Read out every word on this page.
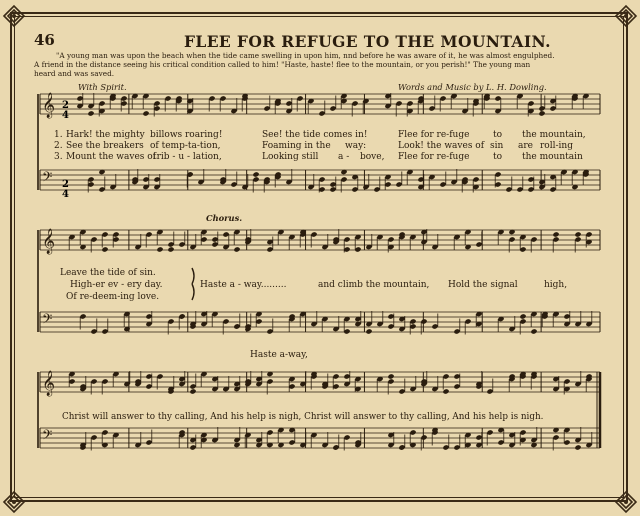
46	FLEE FOR REFUGE TO THE MOUNTAIN.

"A young man was upon the beach when the tide came swelling in upon him, nnd before he was aware of it, he was almost engulphed.

A friend in the distance seeing his critical condition called to him! "Haste, haste! flee to the mountain, or you perish!" The young man

heard and was saved.

With Spirit.	Words and Music by L. H. Dowling.
𝄞
𝄢
𝄞
𝄢
𝄞
𝄢
2
4
2
4
Chorus.
1. Hark! the mighty billows roaring!	See! the tide comes in!	Flee for re-fuge	to the mountain,
2. See the breakers of temp-ta-tion,	Foaming in the way:	Look! the waves of sin are roll-ing
3. Mount the waves of
trib - u - lation,	Looking still a - bove, Flee for re-fuge	to the mountain
Leave the tide of sin.
High-er ev - ery day.
Of re-deem-ing love.
Haste a - way.........	and climb the mountain, Hold the signal	high,
Haste a-way,
Christ will answer to thy calling, And his help is nigh, Christ will answer to thy calling, And his help is nigh.
